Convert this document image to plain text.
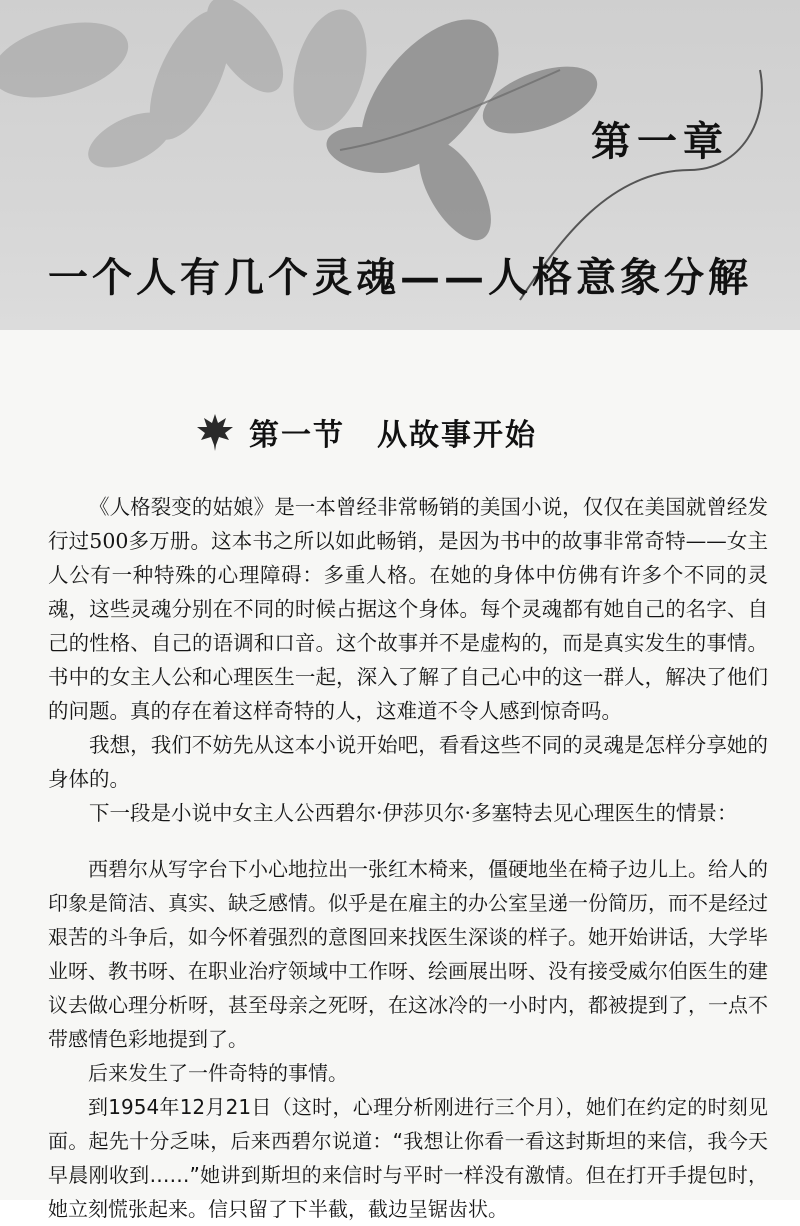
第一章
一个人有几个灵魂——人格意象分解
第一节　从故事开始

《人格裂变的姑娘》是一本曾经非常畅销的美国小说，仅仅在美国就曾经发行过500多万册。这本书之所以如此畅销，是因为书中的故事非常奇特——女主人公有一种特殊的心理障碍：多重人格。在她的身体中仿佛有许多个不同的灵魂，这些灵魂分别在不同的时候占据这个身体。每个灵魂都有她自己的名字、自己的性格、自己的语调和口音。这个故事并不是虚构的，而是真实发生的事情。书中的女主人公和心理医生一起，深入了解了自己心中的这一群人，解决了他们的问题。真的存在着这样奇特的人，这难道不令人感到惊奇吗。

我想，我们不妨先从这本小说开始吧，看看这些不同的灵魂是怎样分享她的身体的。

下一段是小说中女主人公西碧尔·伊莎贝尔·多塞特去见心理医生的情景：

西碧尔从写字台下小心地拉出一张红木椅来，僵硬地坐在椅子边儿上。给人的印象是简洁、真实、缺乏感情。似乎是在雇主的办公室呈递一份简历，而不是经过艰苦的斗争后，如今怀着强烈的意图回来找医生深谈的样子。她开始讲话，大学毕业呀、教书呀、在职业治疗领域中工作呀、绘画展出呀、没有接受威尔伯医生的建议去做心理分析呀，甚至母亲之死呀，在这冰冷的一小时内，都被提到了，一点不带感情色彩地提到了。

后来发生了一件奇特的事情。

到1954年12月21日（这时，心理分析刚进行三个月），她们在约定的时刻见面。起先十分乏味，后来西碧尔说道：“我想让你看一看这封斯坦的来信，我今天早晨刚收到……”她讲到斯坦的来信时与平时一样没有激情。但在打开手提包时，她立刻慌张起来。信只留了下半截，截边呈锯齿状。
